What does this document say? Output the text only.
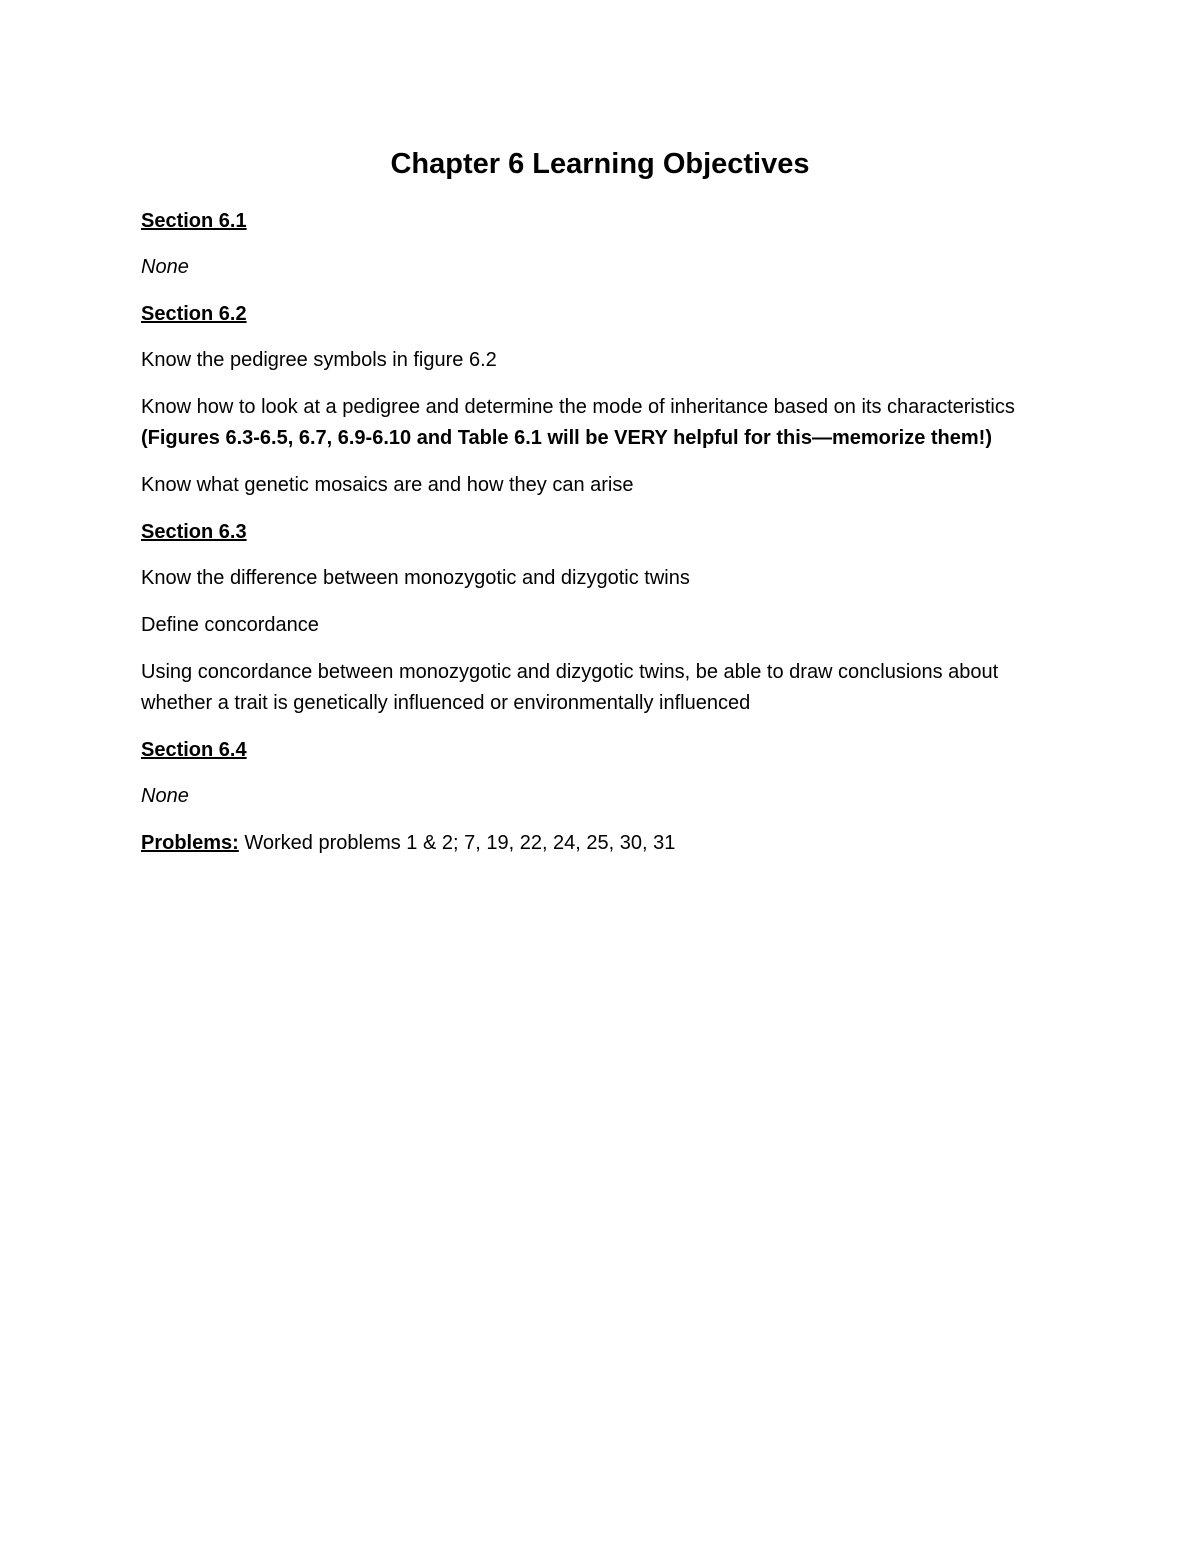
Chapter 6 Learning Objectives

Section 6.1

None

Section 6.2

Know the pedigree symbols in figure 6.2

Know how to look at a pedigree and determine the mode of inheritance based on its characteristics (Figures 6.3-6.5, 6.7, 6.9-6.10 and Table 6.1 will be VERY helpful for this—memorize them!)

Know what genetic mosaics are and how they can arise

Section 6.3

Know the difference between monozygotic and dizygotic twins

Define concordance

Using concordance between monozygotic and dizygotic twins, be able to draw conclusions about whether a trait is genetically influenced or environmentally influenced

Section 6.4

None

Problems: Worked problems 1 & 2; 7, 19, 22, 24, 25, 30, 31
